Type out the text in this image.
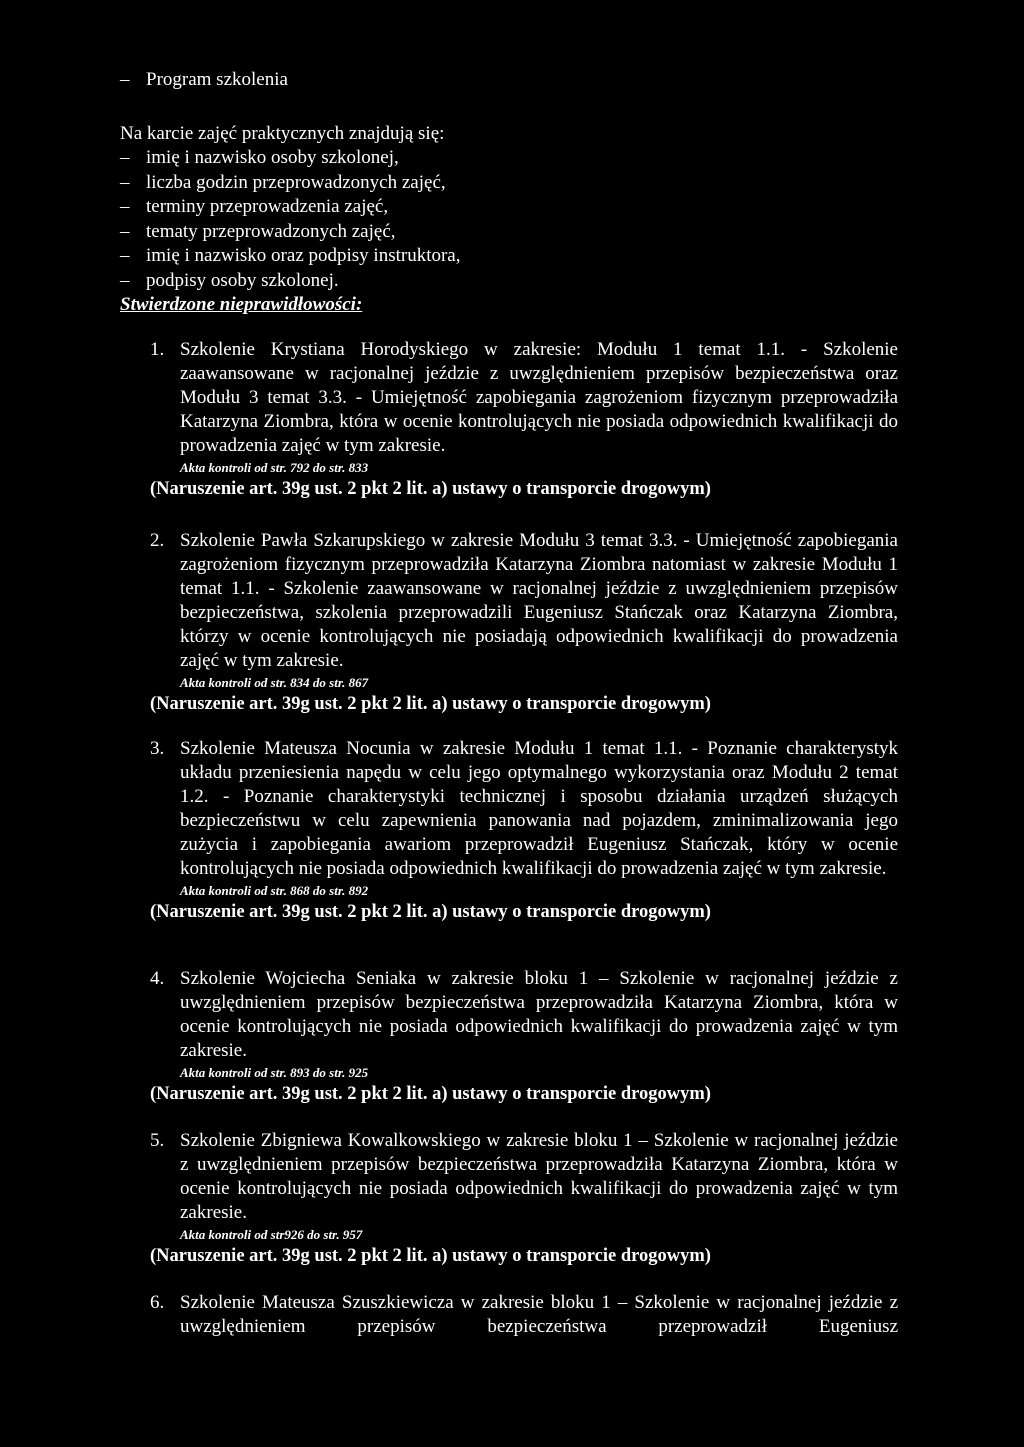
– Program szkolenia
Na karcie zajęć praktycznych znajdują się:
– imię i nazwisko osoby szkolonej,
– liczba godzin przeprowadzonych zajęć,
– terminy przeprowadzenia zajęć,
– tematy przeprowadzonych zajęć,
– imię i nazwisko oraz podpisy instruktora,
– podpisy osoby szkolonej.
Stwierdzone nieprawidłowości:
1. Szkolenie Krystiana Horodyskiego w zakresie: Modułu 1 temat 1.1. - Szkolenie zaawansowane w racjonalnej jeździe z uwzględnieniem przepisów bezpieczeństwa oraz Modułu 3 temat 3.3. - Umiejętność zapobiegania zagrożeniom fizycznym przeprowadziła Katarzyna Ziombra, która w ocenie kontrolujących nie posiada odpowiednich kwalifikacji do prowadzenia zajęć w tym zakresie.
Akta kontroli od str. 792 do str. 833
(Naruszenie art. 39g ust. 2 pkt 2 lit. a) ustawy o transporcie drogowym)
2. Szkolenie Pawła Szkarupskiego w zakresie Modułu 3 temat 3.3. - Umiejętność zapobiegania zagrożeniom fizycznym przeprowadziła Katarzyna Ziombra natomiast w zakresie Modułu 1 temat 1.1. - Szkolenie zaawansowane w racjonalnej jeździe z uwzględnieniem przepisów bezpieczeństwa, szkolenia przeprowadzili Eugeniusz Stańczak oraz Katarzyna Ziombra, którzy w ocenie kontrolujących nie posiadają odpowiednich kwalifikacji do prowadzenia zajęć w tym zakresie.
Akta kontroli od str. 834 do str. 867
(Naruszenie art. 39g ust. 2 pkt 2 lit. a) ustawy o transporcie drogowym)
3. Szkolenie Mateusza Nocunia w zakresie Modułu 1 temat 1.1. - Poznanie charakterystyk układu przeniesienia napędu w celu jego optymalnego wykorzystania oraz Modułu 2 temat 1.2. - Poznanie charakterystyki technicznej i sposobu działania urządzeń służących bezpieczeństwu w celu zapewnienia panowania nad pojazdem, zminimalizowania jego zużycia i zapobiegania awariom przeprowadził Eugeniusz Stańczak, który w ocenie kontrolujących nie posiada odpowiednich kwalifikacji do prowadzenia zajęć w tym zakresie.
Akta kontroli od str. 868 do str. 892
(Naruszenie art. 39g ust. 2 pkt 2 lit. a) ustawy o transporcie drogowym)
4. Szkolenie Wojciecha Seniaka w zakresie bloku 1 – Szkolenie w racjonalnej jeździe z uwzględnieniem przepisów bezpieczeństwa przeprowadziła Katarzyna Ziombra, która w ocenie kontrolujących nie posiada odpowiednich kwalifikacji do prowadzenia zajęć w tym zakresie.
Akta kontroli od str. 893 do str. 925
(Naruszenie art. 39g ust. 2 pkt 2 lit. a) ustawy o transporcie drogowym)
5. Szkolenie Zbigniewa Kowalkowskiego w zakresie bloku 1 – Szkolenie w racjonalnej jeździe z uwzględnieniem przepisów bezpieczeństwa przeprowadziła Katarzyna Ziombra, która w ocenie kontrolujących nie posiada odpowiednich kwalifikacji do prowadzenia zajęć w tym zakresie.
Akta kontroli od str926 do str. 957
(Naruszenie art. 39g ust. 2 pkt 2 lit. a) ustawy o transporcie drogowym)
6. Szkolenie Mateusza Szuszkiewicza w zakresie bloku 1 – Szkolenie w racjonalnej jeździe z uwzględnieniem przepisów bezpieczeństwa przeprowadził Eugeniusz
